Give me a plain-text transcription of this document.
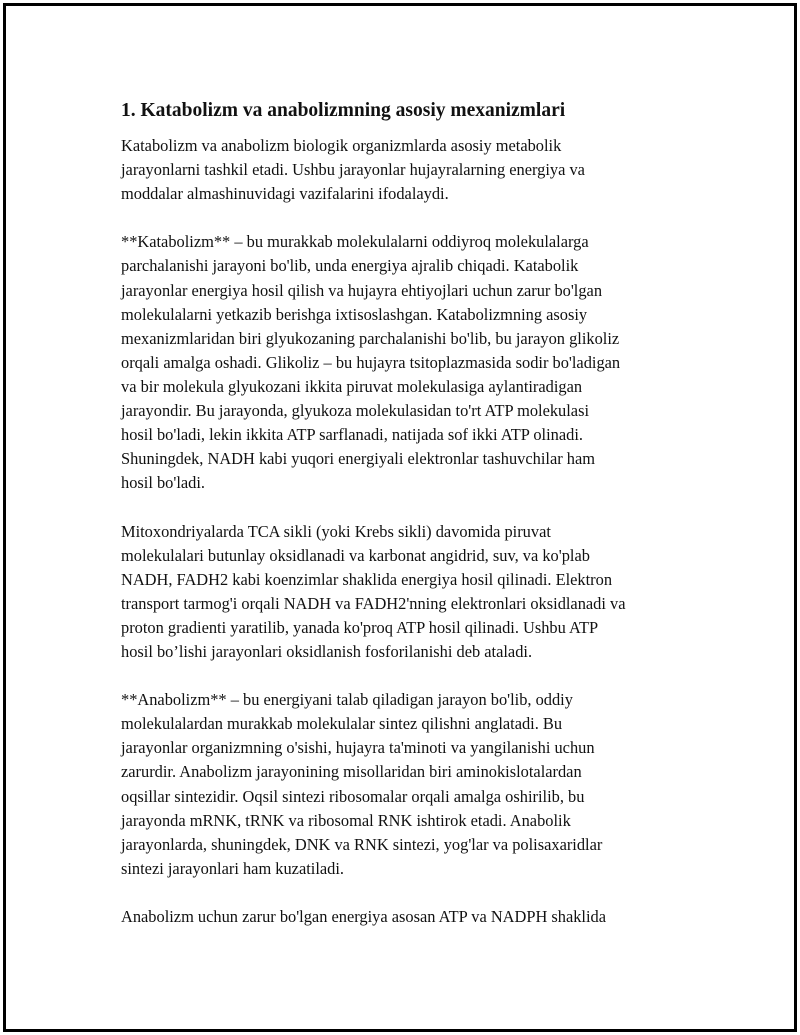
1. Katabolizm va anabolizmning asosiy mexanizmlari

Katabolizm va anabolizm biologik organizmlarda asosiy metabolik
jarayonlarni tashkil etadi. Ushbu jarayonlar hujayralarning energiya va
moddalar almashinuvidagi vazifalarini ifodalaydi.

**Katabolizm** – bu murakkab molekulalarni oddiyroq molekulalarga
parchalanishi jarayoni bo'lib, unda energiya ajralib chiqadi. Katabolik
jarayonlar energiya hosil qilish va hujayra ehtiyojlari uchun zarur bo'lgan
molekulalarni yetkazib berishga ixtisoslashgan. Katabolizmning asosiy
mexanizmlaridan biri glyukozaning parchalanishi bo'lib, bu jarayon glikoliz
orqali amalga oshadi. Glikoliz – bu hujayra tsitoplazmasida sodir bo'ladigan
va bir molekula glyukozani ikkita piruvat molekulasiga aylantiradigan
jarayondir. Bu jarayonda, glyukoza molekulasidan to'rt ATP molekulasi
hosil bo'ladi, lekin ikkita ATP sarflanadi, natijada sof ikki ATP olinadi.
Shuningdek, NADH kabi yuqori energiyali elektronlar tashuvchilar ham
hosil bo'ladi.

Mitoxondriyalarda TCA sikli (yoki Krebs sikli) davomida piruvat
molekulalari butunlay oksidlanadi va karbonat angidrid, suv, va ko'plab
NADH, FADH2 kabi koenzimlar shaklida energiya hosil qilinadi. Elektron
transport tarmog'i orqali NADH va FADH2'nning elektronlari oksidlanadi va
proton gradienti yaratilib, yanada ko'proq ATP hosil qilinadi. Ushbu ATP
hosil bo’lishi jarayonlari oksidlanish fosforilanishi deb ataladi.

**Anabolizm** – bu energiyani talab qiladigan jarayon bo'lib, oddiy
molekulalardan murakkab molekulalar sintez qilishni anglatadi. Bu
jarayonlar organizmning o'sishi, hujayra ta'minoti va yangilanishi uchun
zarurdir. Anabolizm jarayonining misollaridan biri aminokislotalardan
oqsillar sintezidir. Oqsil sintezi ribosomalar orqali amalga oshirilib, bu
jarayonda mRNK, tRNK va ribosomal RNK ishtirok etadi. Anabolik
jarayonlarda, shuningdek, DNK va RNK sintezi, yog'lar va polisaxaridlar
sintezi jarayonlari ham kuzatiladi.

Anabolizm uchun zarur bo'lgan energiya asosan ATP va NADPH shaklida
